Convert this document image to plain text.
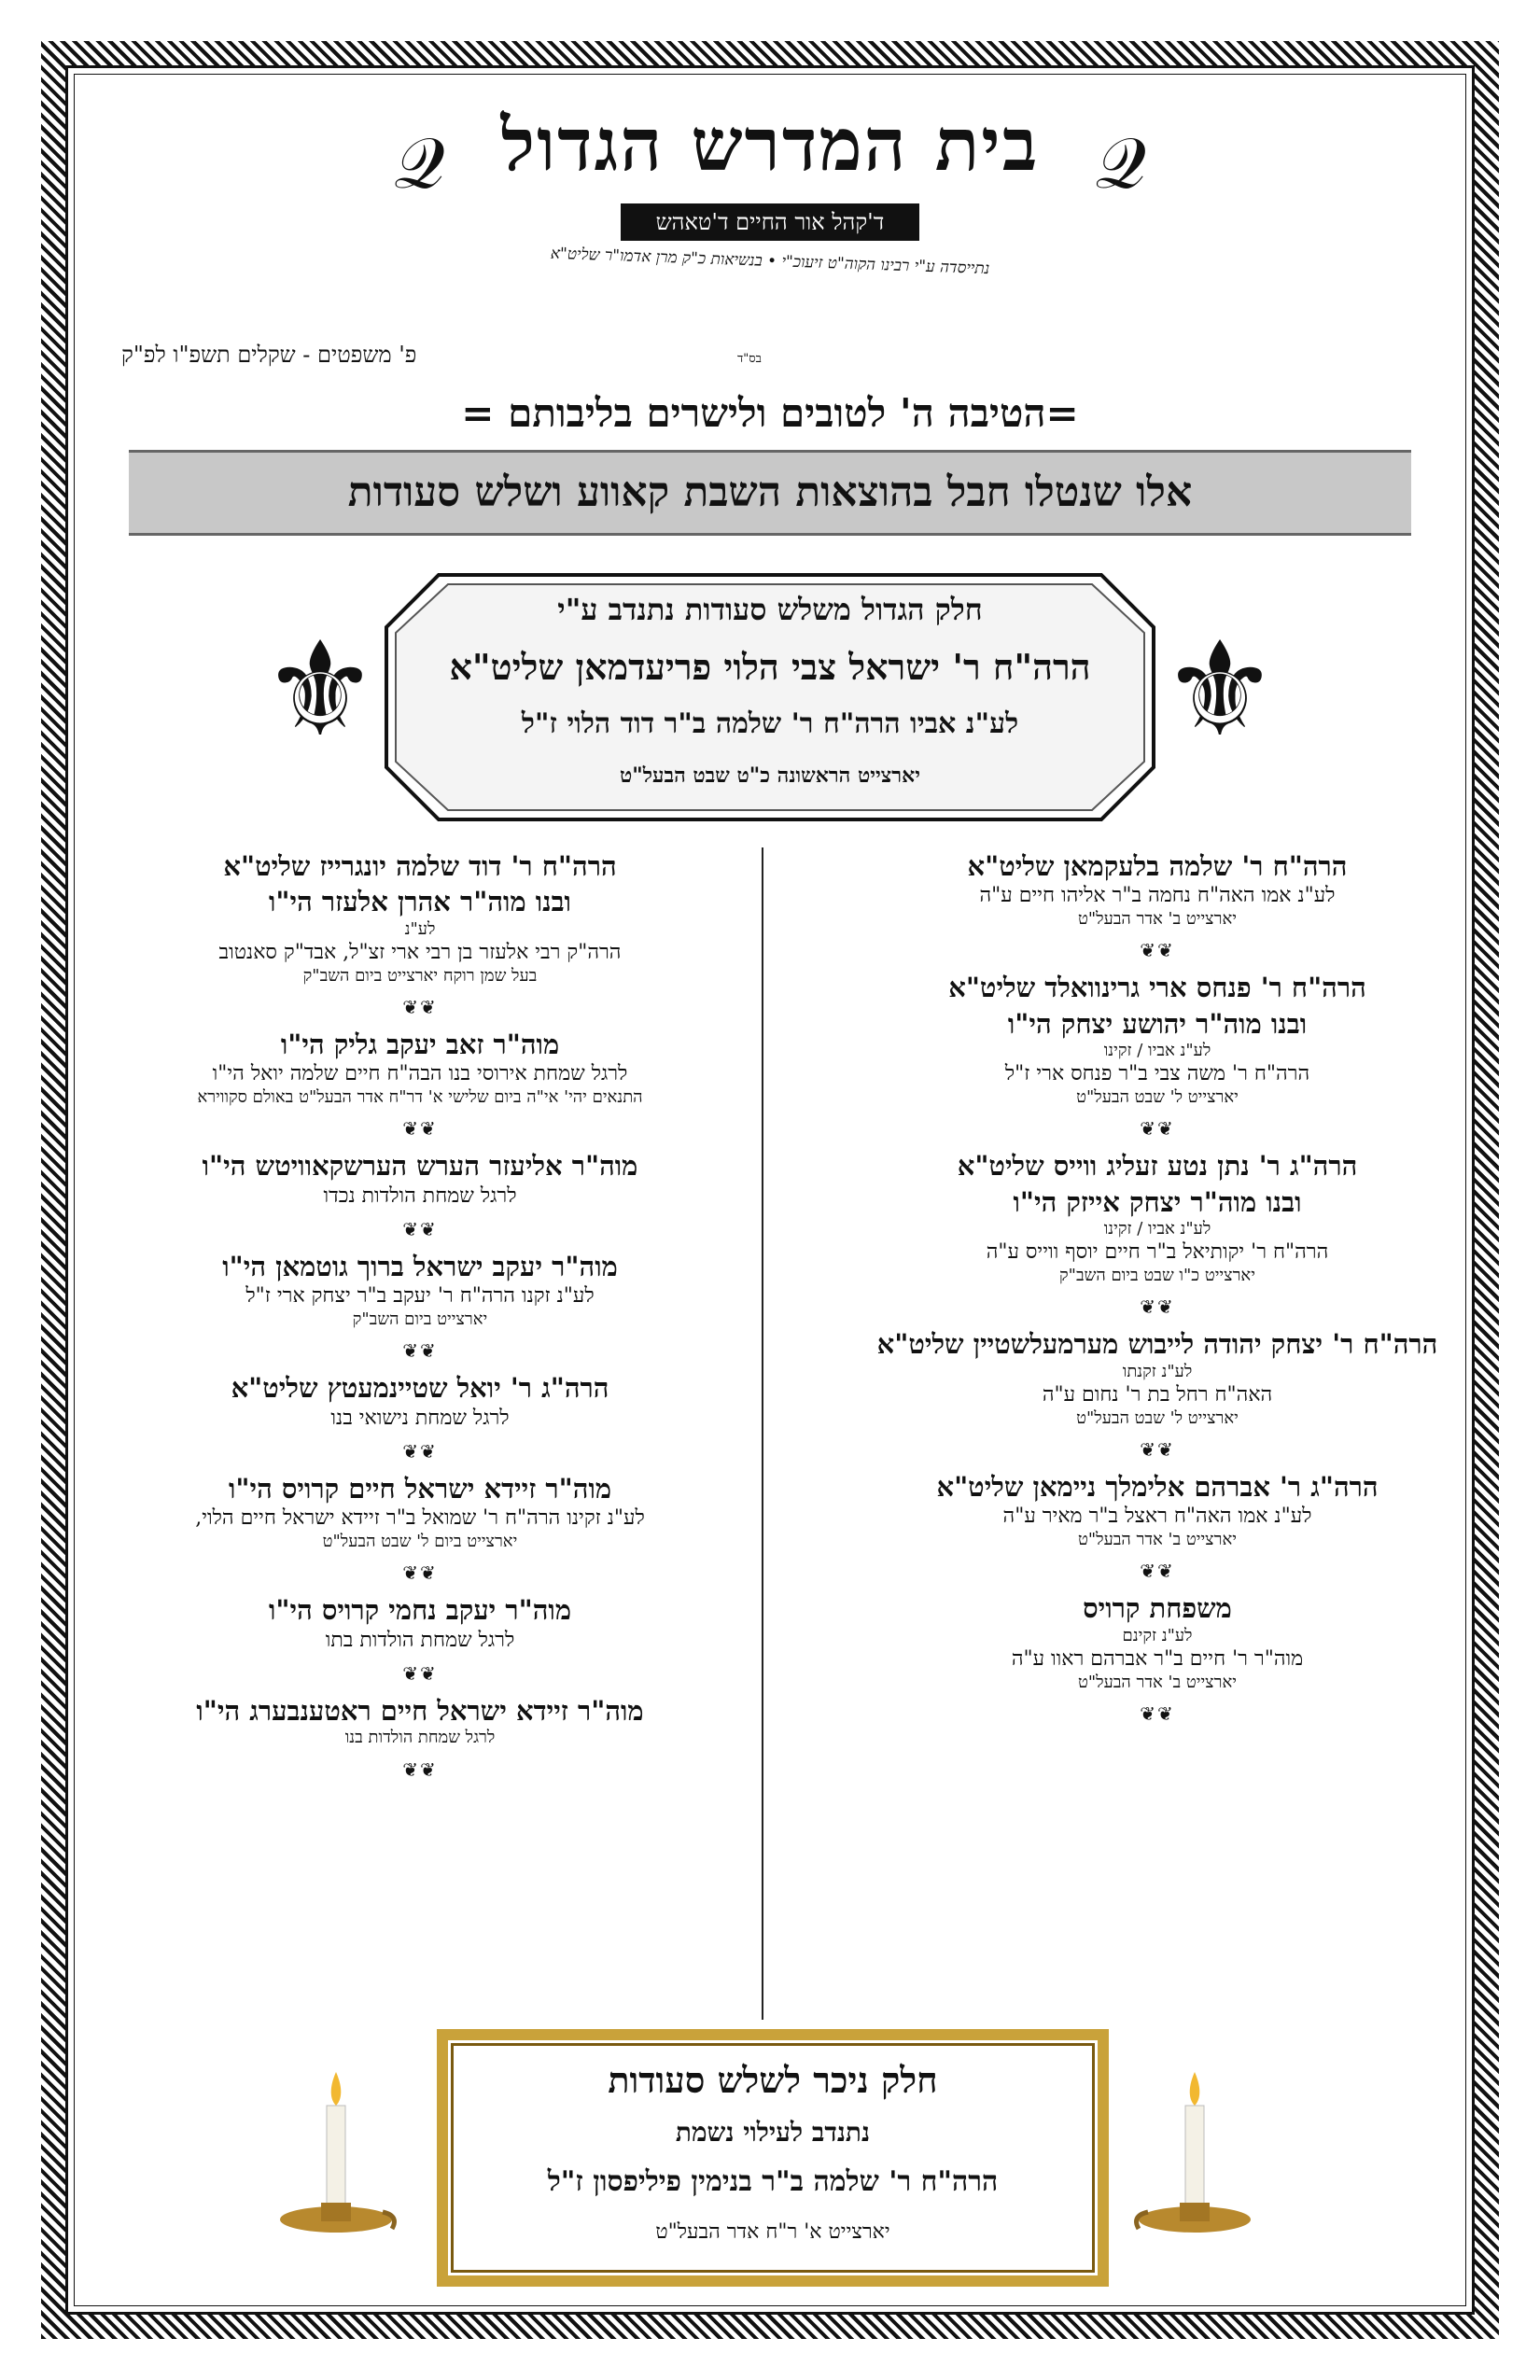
𝒬 בית המדרש הגדול 𝒬
ד'קהל אור החיים ד'טאהש
נתייסדה ע"י רבינו הקוה"ט זיעוכ"י • בנשיאות כ"ק מרן אדמו"ר שליט"א
בס"ד
פ' משפטים - שקלים תשפ"ו לפ"ק
=הטיבה ה' לטובים ולישרים בליבותם =
אלו שנטלו חבל בהוצאות השבת קאווע ושלש סעודות
⚜	⚜
חלק הגדול משלש סעודות נתנדב ע"י
הרה"ח ר' ישראל צבי הלוי פריעדמאן שליט"א
לע"נ אביו הרה"ח ר' שלמה ב"ר דוד הלוי ז"ל
יארצייט הראשונה כ"ט שבט הבעל"ט
הרה"ח ר' שלמה בלעקמאן שליט"א
לע"נ אמו האה"ח נחמה ב"ר אליהו חיים ע"ה
יארצייט ב' אדר הבעל"ט
❦❦
הרה"ח ר' פנחס ארי גרינוואלד שליט"א
ובנו מוה"ר יהושע יצחק הי"ו
לע"נ אביו / זקינו
הרה"ח ר' משה צבי ב"ר פנחס ארי ז"ל
יארצייט ל' שבט הבעל"ט
❦❦
הרה"ג ר' נתן נטע זעליג ווייס שליט"א
ובנו מוה"ר יצחק אייזק הי"ו
לע"נ אביו / זקינו
הרה"ח ר' יקותיאל ב"ר חיים יוסף ווייס ע"ה
יארצייט כ"ו שבט ביום השב"ק
❦❦
הרה"ח ר' יצחק יהודה לייבוש מערמעלשטיין שליט"א
לע"נ זקנתו
האה"ח רחל בת ר' נחום ע"ה
יארצייט ל' שבט הבעל"ט
❦❦
הרה"ג ר' אברהם אלימלך ניימאן שליט"א
לע"נ אמו האה"ח ראצל ב"ר מאיר ע"ה
יארצייט ב' אדר הבעל"ט
❦❦
משפחת קרויס
לע"נ זקינם
מוה"ר ר' חיים ב"ר אברהם ראוו ע"ה
יארצייט ב' אדר הבעל"ט
❦❦
הרה"ח ר' דוד שלמה יונגרייז שליט"א
ובנו מוה"ר אהרן אלעזר הי"ו
לע"נ
הרה"ק רבי אלעזר בן רבי ארי זצ"ל, אבד"ק סאנטוב
בעל שמן רוקח יארצייט ביום השב"ק
❦❦
מוה"ר זאב יעקב גליק הי"ו
לרגל שמחת אירוסי בנו הבה"ח חיים שלמה יואל הי"ו
התנאים יהי' אי"ה ביום שלישי א' דר"ח אדר הבעל"ט באולם סקווירא
❦❦
מוה"ר אליעזר הערש הערשקאוויטש הי"ו
לרגל שמחת הולדות נכדו
❦❦
מוה"ר יעקב ישראל ברוך גוטמאן הי"ו
לע"נ זקנו הרה"ח ר' יעקב ב"ר יצחק ארי ז"ל
יארצייט ביום השב"ק
❦❦
הרה"ג ר' יואל שטיינמעטץ שליט"א
לרגל שמחת נישואי בנו
❦❦
מוה"ר זיידא ישראל חיים קרויס הי"ו
לע"נ זקינו הרה"ח ר' שמואל ב"ר זיידא ישראל חיים הלוי,
יארצייט ביום ל' שבט הבעל"ט
❦❦
מוה"ר יעקב נחמי קרויס הי"ו
לרגל שמחת הולדות בתו
❦❦
מוה"ר זיידא ישראל חיים ראטענבערג הי"ו
לרגל שמחת הולדות בנו
❦❦
חלק ניכר לשלש סעודות
נתנדב לעילוי נשמת
הרה"ח ר' שלמה ב"ר בנימין פיליפסון ז"ל
יארצייט א' ר"ח אדר הבעל"ט
